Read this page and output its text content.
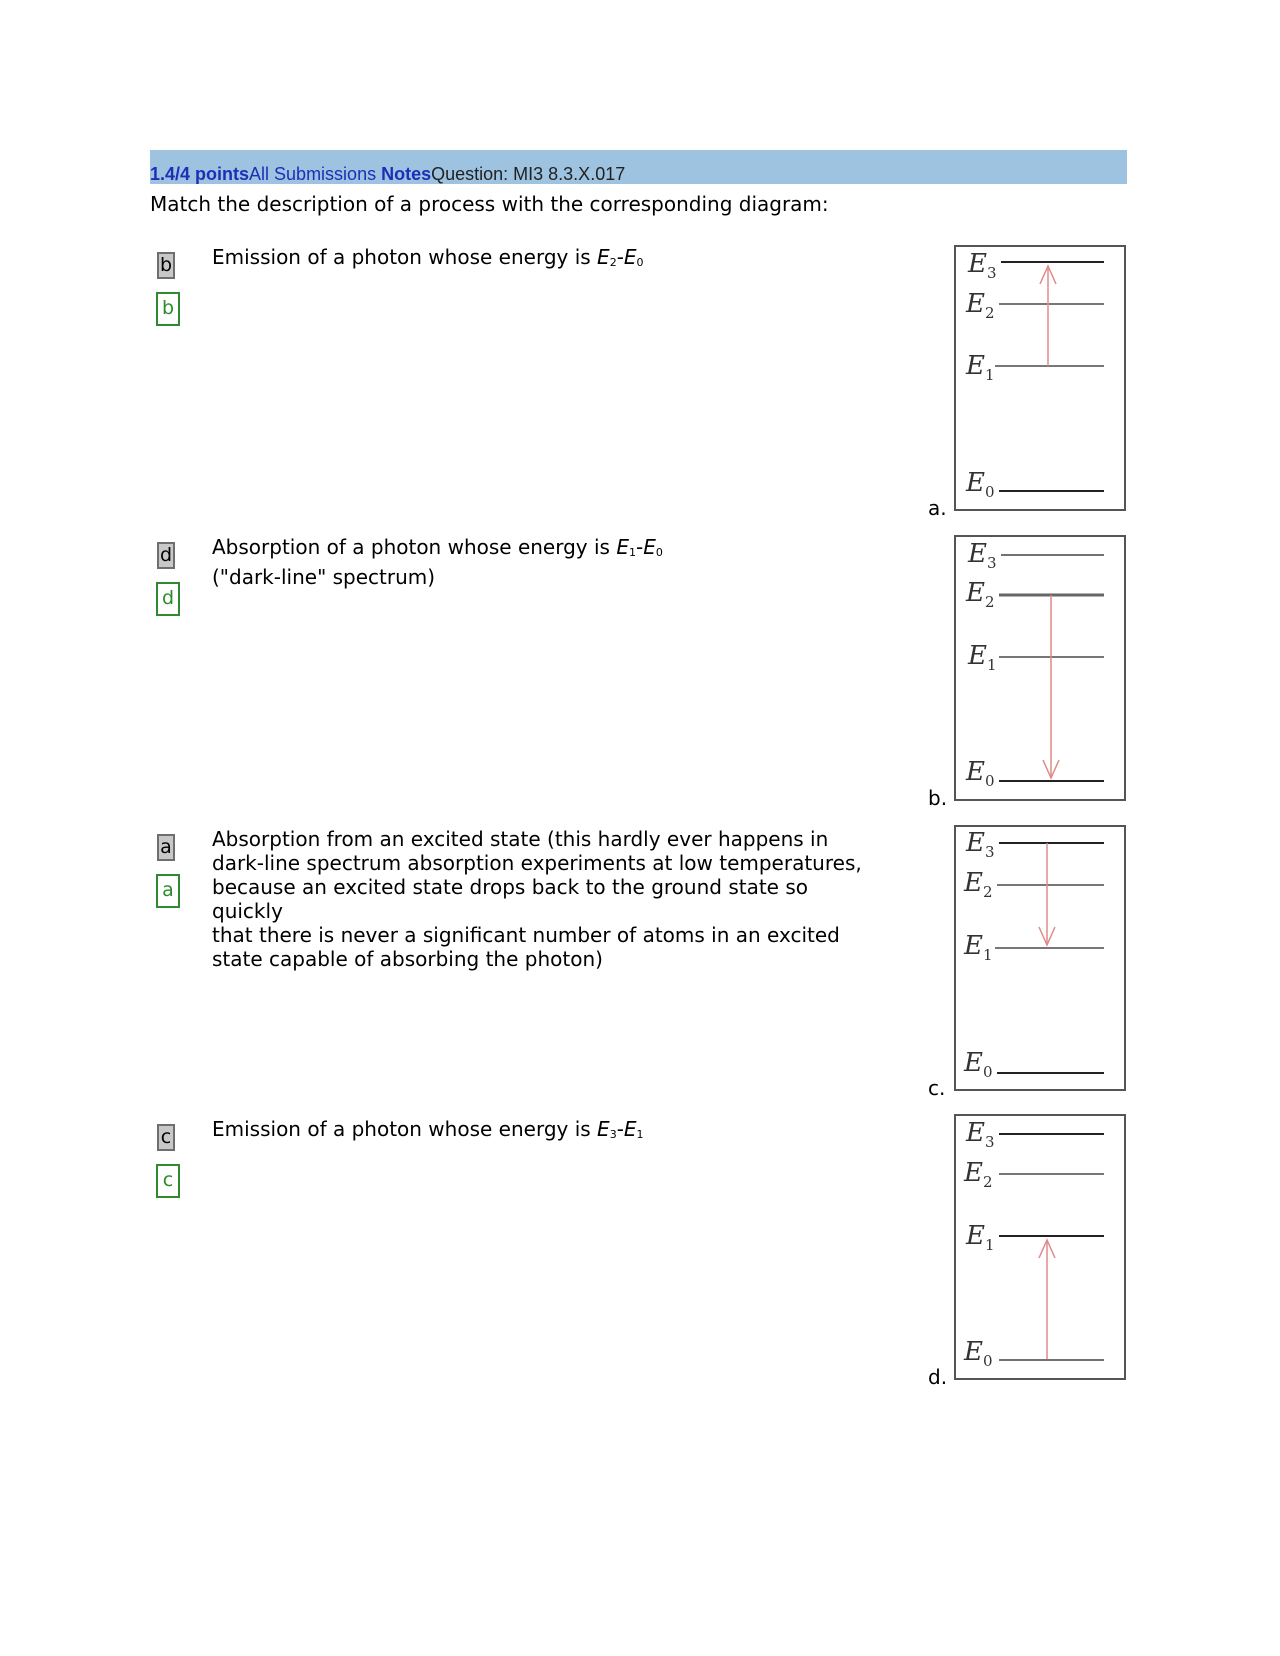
1.4/4 pointsAll Submissions NotesQuestion: MI3 8.3.X.017
Match the description of a process with the corresponding diagram:
b
b
Emission of a photon whose energy is $E_2-E_0$
d
d
Absorption of a photon whose energy is $E_1-E_0$
("dark-line" spectrum)
a
a
Absorption from an excited state (this hardly ever happens in
dark-line spectrum absorption experiments at low temperatures,
because an excited state drops back to the ground state so
quickly
that there is never a significant number of atoms in an excited
state capable of absorbing the photon)
c
c
Emission of a photon whose energy is $E_3-E_1$
a.
b.
c.
d.
$E_3$
$E_2$
$E_1$
$E_0$
$E_3$
$E_2$
$E_1$
$E_0$
$E_3$
$E_2$
$E_1$
$E_0$
$E_3$
$E_2$
$E_1$
$E_0$
